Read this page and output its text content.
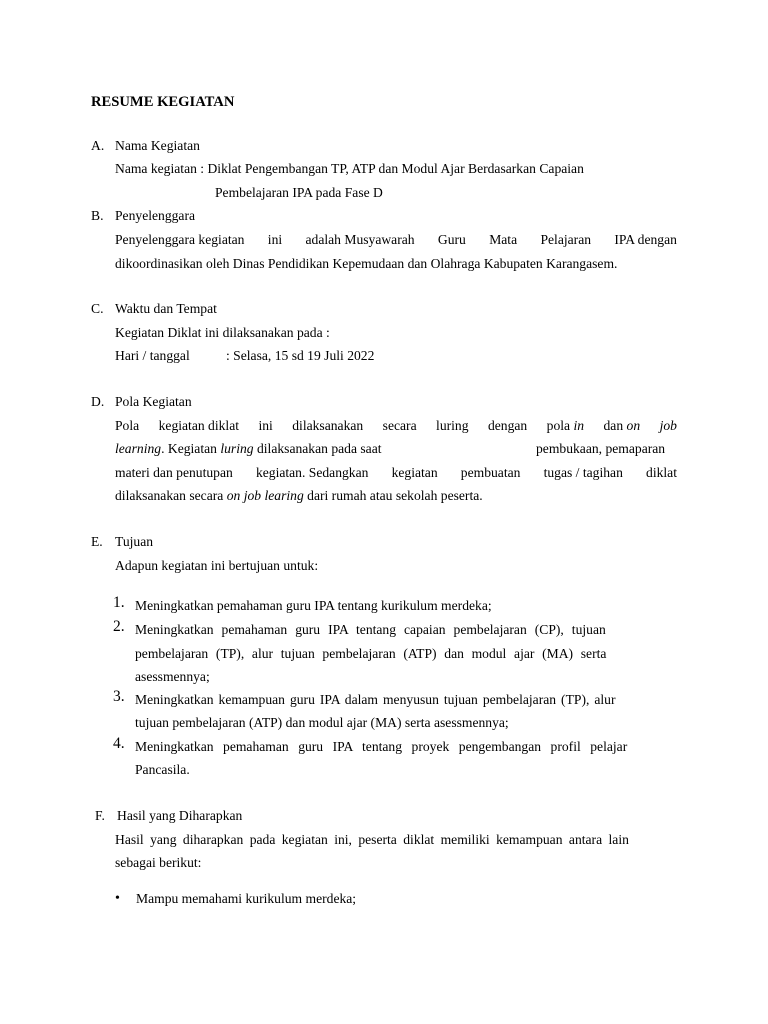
RESUME KEGIATAN
A. Nama Kegiatan
Nama kegiatan : Diklat Pengembangan TP, ATP dan Modul Ajar Berdasarkan Capaian
Pembelajaran IPA pada Fase D
B. Penyelenggara
Penyelenggara kegiatan ini adalah Musyawarah Guru Mata Pelajaran IPA dengan
dikoordinasikan oleh Dinas Pendidikan Kepemudaan dan Olahraga Kabupaten Karangasem.
C. Waktu dan Tempat
Kegiatan Diklat ini dilaksanakan pada :
Hari / tanggal	: Selasa, 15 sd 19 Juli 2022
D. Pola Kegiatan
Pola kegiatan diklat ini dilaksanakan secara luring dengan pola in dan on job
learning. Kegiatan luring dilaksanakan pada saat	pembukaan, pemaparan
materi dan penutupan kegiatan. Sedangkan kegiatan pembuatan tugas / tagihan diklat
dilaksanakan secara on job learing dari rumah atau sekolah peserta.
E. Tujuan
Adapun kegiatan ini bertujuan untuk:
1. Meningkatkan pemahaman guru IPA tentang kurikulum merdeka;
2. Meningkatkan pemahaman guru IPA tentang capaian pembelajaran (CP), tujuan
pembelajaran (TP), alur tujuan pembelajaran (ATP) dan modul ajar (MA) serta
asessmennya;
3. Meningkatkan kemampuan guru IPA dalam menyusun tujuan pembelajaran (TP), alur
tujuan pembelajaran (ATP) dan modul ajar (MA) serta asessmennya;
4. Meningkatkan pemahaman guru IPA tentang proyek pengembangan profil pelajar
Pancasila.
F. Hasil yang Diharapkan
Hasil yang diharapkan pada kegiatan ini, peserta diklat memiliki kemampuan antara lain
sebagai berikut:
• Mampu memahami kurikulum merdeka;
